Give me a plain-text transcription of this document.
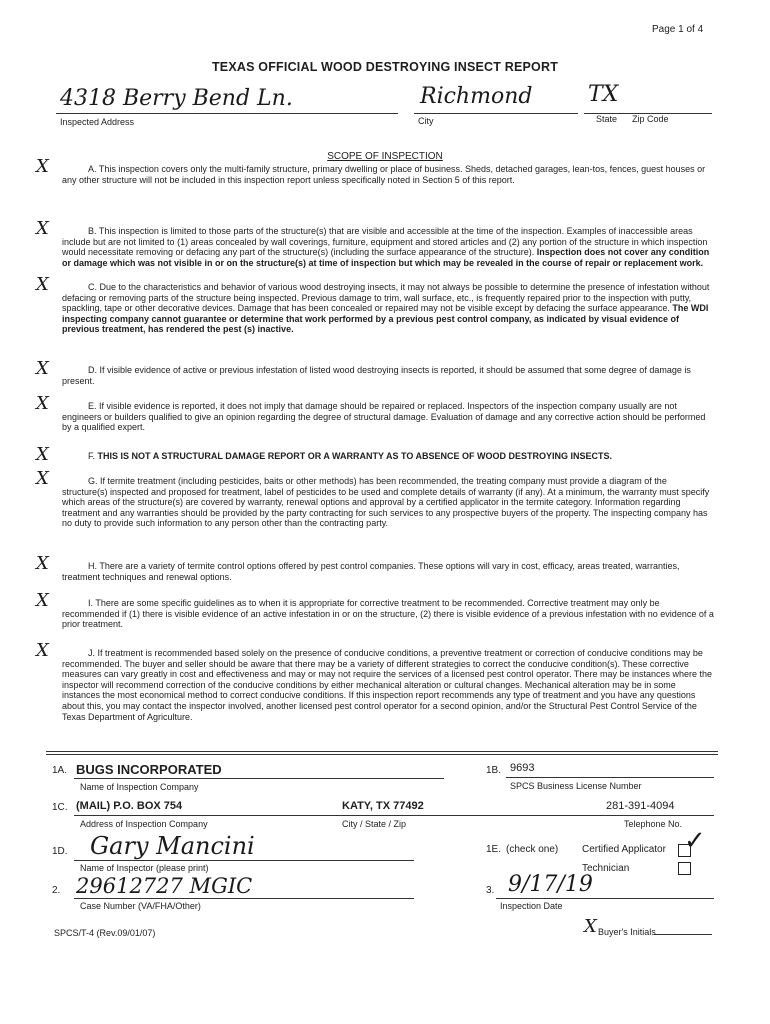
Page 1 of 4
TEXAS OFFICIAL WOOD DESTROYING INSECT REPORT
4318 Berry Bend Ln.	Richmond	TX
Inspected Address	City	State Zip Code
SCOPE OF INSPECTION
X	A. This inspection covers only the multi-family structure, primary dwelling or place of business. Sheds, detached garages, lean-tos, fences, guest houses or any other structure will not be included in this inspection report unless specifically noted in Section 5 of this report.
X	B. This inspection is limited to those parts of the structure(s) that are visible and accessible at the time of the inspection. Examples of inaccessible areas include but are not limited to (1) areas concealed by wall coverings, furniture, equipment and stored articles and (2) any portion of the structure in which inspection would necessitate removing or defacing any part of the structure(s) (including the surface appearance of the structure). Inspection does not cover any condition or damage which was not visible in or on the structure(s) at time of inspection but which may be revealed in the course of repair or replacement work.
X	C. Due to the characteristics and behavior of various wood destroying insects, it may not always be possible to determine the presence of infestation without defacing or removing parts of the structure being inspected. Previous damage to trim, wall surface, etc., is frequently repaired prior to the inspection with putty, spackling, tape or other decorative devices. Damage that has been concealed or repaired may not be visible except by defacing the surface appearance. The WDI inspecting company cannot guarantee or determine that work performed by a previous pest control company, as indicated by visual evidence of previous treatment, has rendered the pest (s) inactive.
X	D. If visible evidence of active or previous infestation of listed wood destroying insects is reported, it should be assumed that some degree of damage is present.
X	E. If visible evidence is reported, it does not imply that damage should be repaired or replaced. Inspectors of the inspection company usually are not engineers or builders qualified to give an opinion regarding the degree of structural damage. Evaluation of damage and any corrective action should be performed by a qualified expert.
X	F. THIS IS NOT A STRUCTURAL DAMAGE REPORT OR A WARRANTY AS TO ABSENCE OF WOOD DESTROYING INSECTS.
X	G. If termite treatment (including pesticides, baits or other methods) has been recommended, the treating company must provide a diagram of the structure(s) inspected and proposed for treatment, label of pesticides to be used and complete details of warranty (if any). At a minimum, the warranty must specify which areas of the structure(s) are covered by warranty, renewal options and approval by a certified applicator in the termite category. Information regarding treatment and any warranties should be provided by the party contracting for such services to any prospective buyers of the property. The inspecting company has no duty to provide such information to any person other than the contracting party.
X	H. There are a variety of termite control options offered by pest control companies. These options will vary in cost, efficacy, areas treated, warranties, treatment techniques and renewal options.
X	I. There are some specific guidelines as to when it is appropriate for corrective treatment to be recommended. Corrective treatment may only be recommended if (1) there is visible evidence of an active infestation in or on the structure, (2) there is visible evidence of a previous infestation with no evidence of a prior treatment.
X	J. If treatment is recommended based solely on the presence of conducive conditions, a preventive treatment or correction of conducive conditions may be recommended. The buyer and seller should be aware that there may be a variety of different strategies to correct the conducive condition(s). These corrective measures can vary greatly in cost and effectiveness and may or may not require the services of a licensed pest control operator. There may be instances where the inspector will recommend correction of the conducive conditions by either mechanical alteration or cultural changes. Mechanical alteration may be in some instances the most economical method to correct conducive conditions. If this inspection report recommends any type of treatment and you have any questions about this, you may contact the inspector involved, another licensed pest control operator for a second opinion, and/or the Structural Pest Control Service of the Texas Department of Agriculture.
1A. BUGS INCORPORATED
Name of Inspection Company
1B. 9693
SPCS Business License Number
1C. (MAIL) P.O. BOX 754	KATY, TX 77492	281-391-4094
Address of Inspection Company	City / State / Zip	Telephone No.
1D. Gary Mancini
Name of Inspector (please print)
1E. (check one) Certified Applicator ✓
Technician
2. 29612727 MGIC
Case Number (VA/FHA/Other)
3. 9/17/19
Inspection Date
SPCS/T-4 (Rev.09/01/07)	X Buyer's Initials
